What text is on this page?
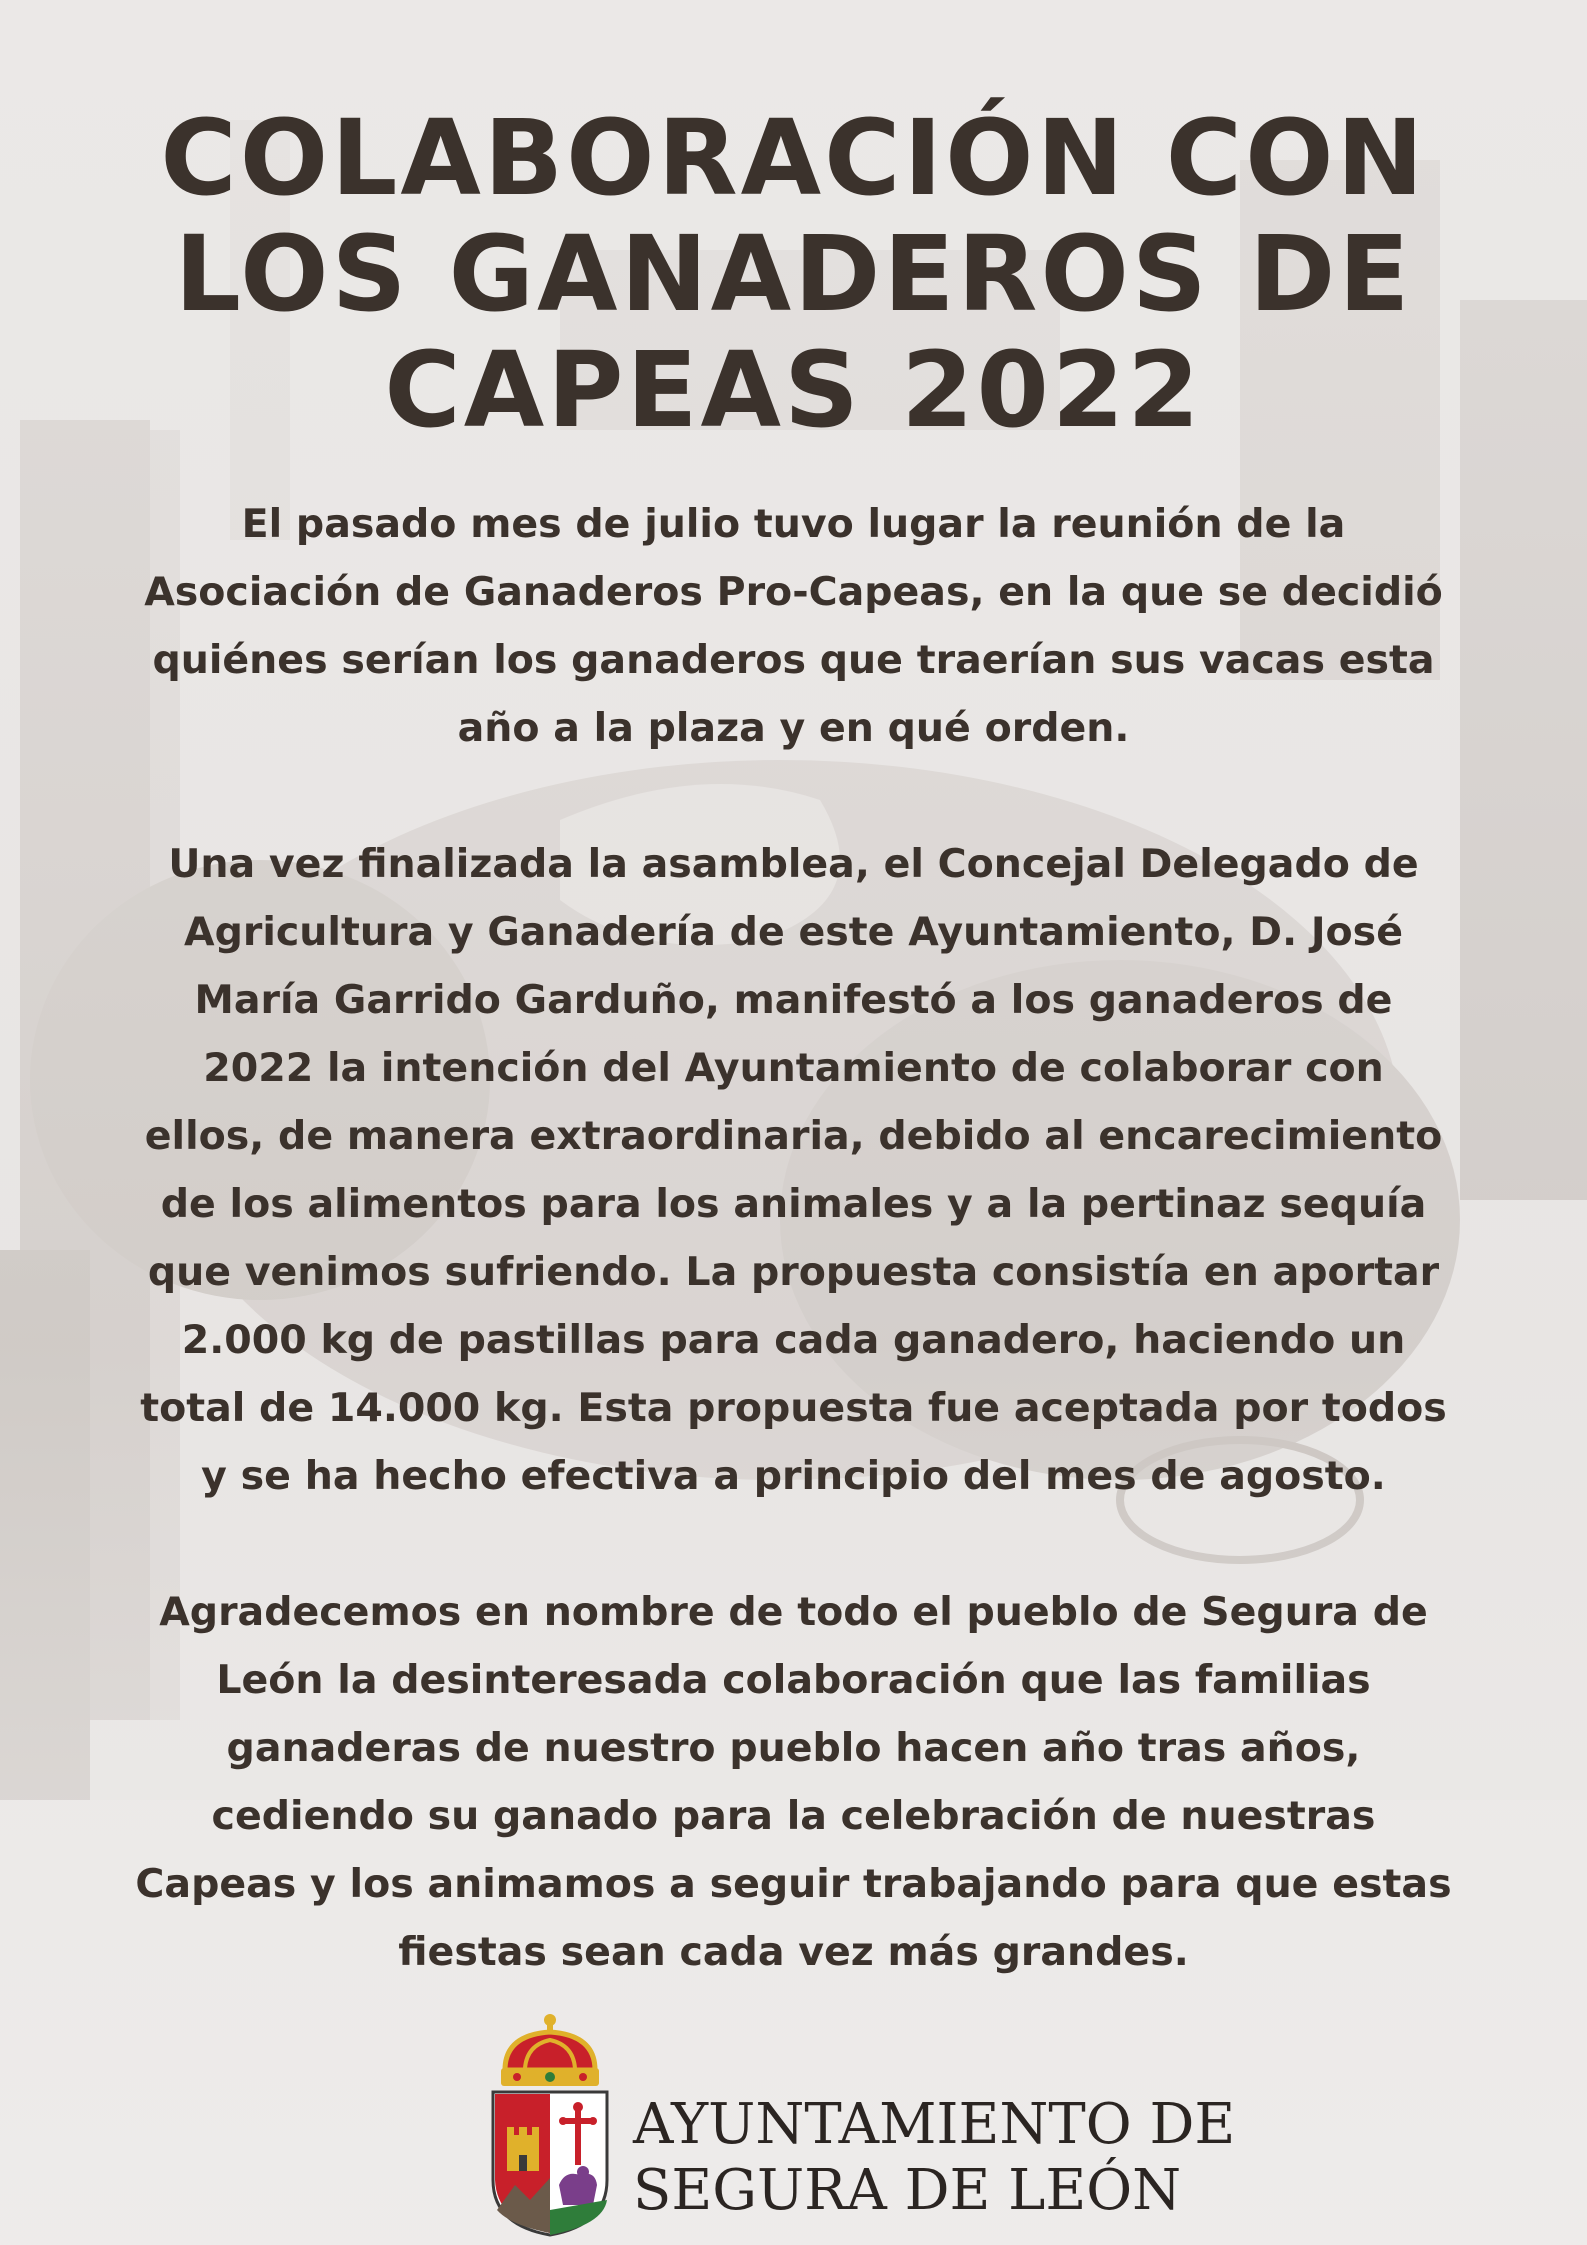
COLABORACIÓN CON
LOS GANADEROS DE
CAPEAS 2022

El pasado mes de julio tuvo lugar la reunión de la
Asociación de Ganaderos Pro-Capeas, en la que se decidió
quiénes serían los ganaderos que traerían sus vacas esta
año a la plaza y en qué orden.

Una vez finalizada la asamblea, el Concejal Delegado de
Agricultura y Ganadería de este Ayuntamiento, D. José
María Garrido Garduño, manifestó a los ganaderos de
2022 la intención del Ayuntamiento de colaborar con
ellos, de manera extraordinaria, debido al encarecimiento
de los alimentos para los animales y a la pertinaz sequía
que venimos sufriendo. La propuesta consistía en aportar
2.000 kg de pastillas para cada ganadero, haciendo un
total de 14.000 kg. Esta propuesta fue aceptada por todos
y se ha hecho efectiva a principio del mes de agosto.

Agradecemos en nombre de todo el pueblo de Segura de
León la desinteresada colaboración que las familias
ganaderas de nuestro pueblo hacen año tras años,
cediendo su ganado para la celebración de nuestras
Capeas y los animamos a seguir trabajando para que estas
fiestas sean cada vez más grandes.

AYUNTAMIENTO DE
SEGURA DE LEÓN
